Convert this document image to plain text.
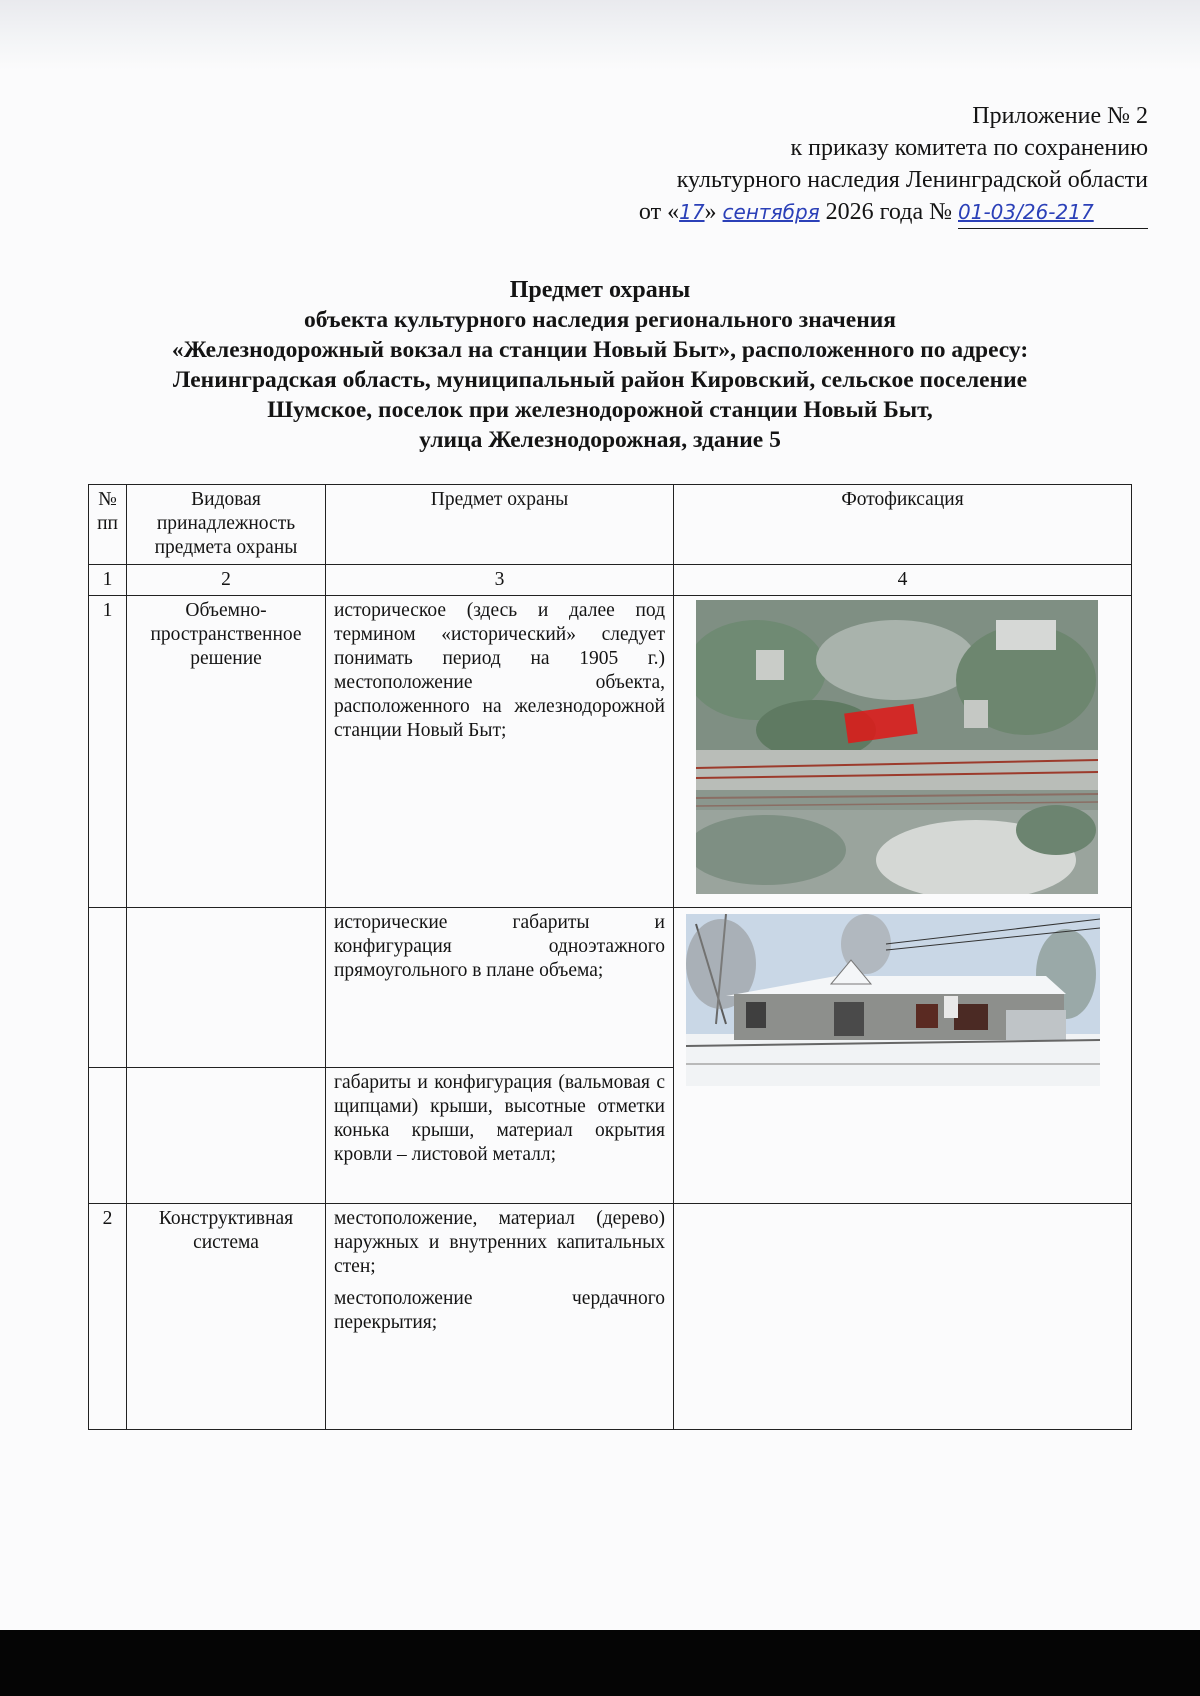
Приложение № 2
к приказу комитета по сохранению
культурного наследия Ленинградской области
от «17» сентября 2026 года № 01-03/26-217
Предмет охраны
объекта культурного наследия регионального значения
«Железнодорожный вокзал на станции Новый Быт», расположенного по адресу:
Ленинградская область, муниципальный район Кировский, сельское поселение
Шумское, поселок при железнодорожной станции Новый Быт,
улица Железнодорожная, здание 5
№ пп	Видовая принадлежность предмета охраны	Предмет охраны	Фотофиксация
1	2	3	4
1	Объемно-пространственное решение	историческое (здесь и далее под термином «исторический» следует понимать период на 1905 г.) местоположение объекта, расположенного на железнодорожной станции Новый Быт;	

		исторические габариты и конфигурация одноэтажного прямоугольного в плане объема;	

		габариты и конфигурация (вальмовая с щипцами) крыши, высотные отметки конька крыши, материал окрытия кровли – листовой металл;	
2	Конструктивная система	местоположение, материал (дерево) наружных и внутренних капитальных стен;
местоположение чердачного перекрытия;	
